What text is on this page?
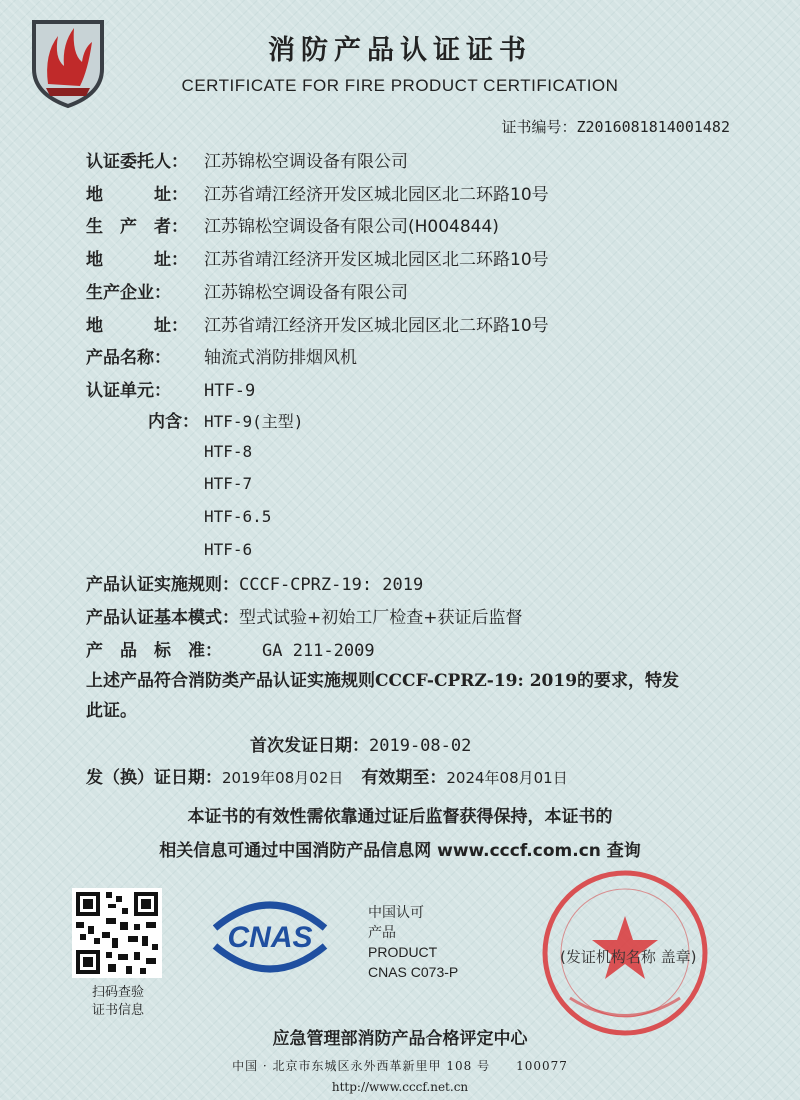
消防产品认证证书
CERTIFICATE FOR FIRE PRODUCT CERTIFICATION
证书编号：Z2016081814001482
认证委托人： 江苏锦松空调设备有限公司
地　　　址： 江苏省靖江经济开发区城北园区北二环路10号
生　产　者： 江苏锦松空调设备有限公司(H004844)
地　　　址： 江苏省靖江经济开发区城北园区北二环路10号
生产企业： 江苏锦松空调设备有限公司
地　　　址： 江苏省靖江经济开发区城北园区北二环路10号
产品名称： 轴流式消防排烟风机
认证单元： HTF-9
内含： HTF-9(主型)
HTF-8
HTF-7
HTF-6.5
HTF-6
产品认证实施规则：CCCF-CPRZ-19: 2019
产品认证基本模式：型式试验+初始工厂检查+获证后监督
产　品　标　准： GA 211-2009
上述产品符合消防类产品认证实施规则CCCF-CPRZ-19: 2019的要求，特发
此证。
首次发证日期：2019-08-02
发（换）证日期：2019年08月02日 有效期至：2024年08月01日
本证书的有效性需依靠通过证后监督获得保持，本证书的
相关信息可通过中国消防产品信息网 www.cccf.com.cn 查询
扫码查验
证书信息
CNAS
中国认可
产品
PRODUCT
CNAS C073-P
(发证机构名称 盖章)
应急管理部消防产品合格评定中心
中国 · 北京市东城区永外西革新里甲 108 号　　100077
http://www.cccf.net.cn
